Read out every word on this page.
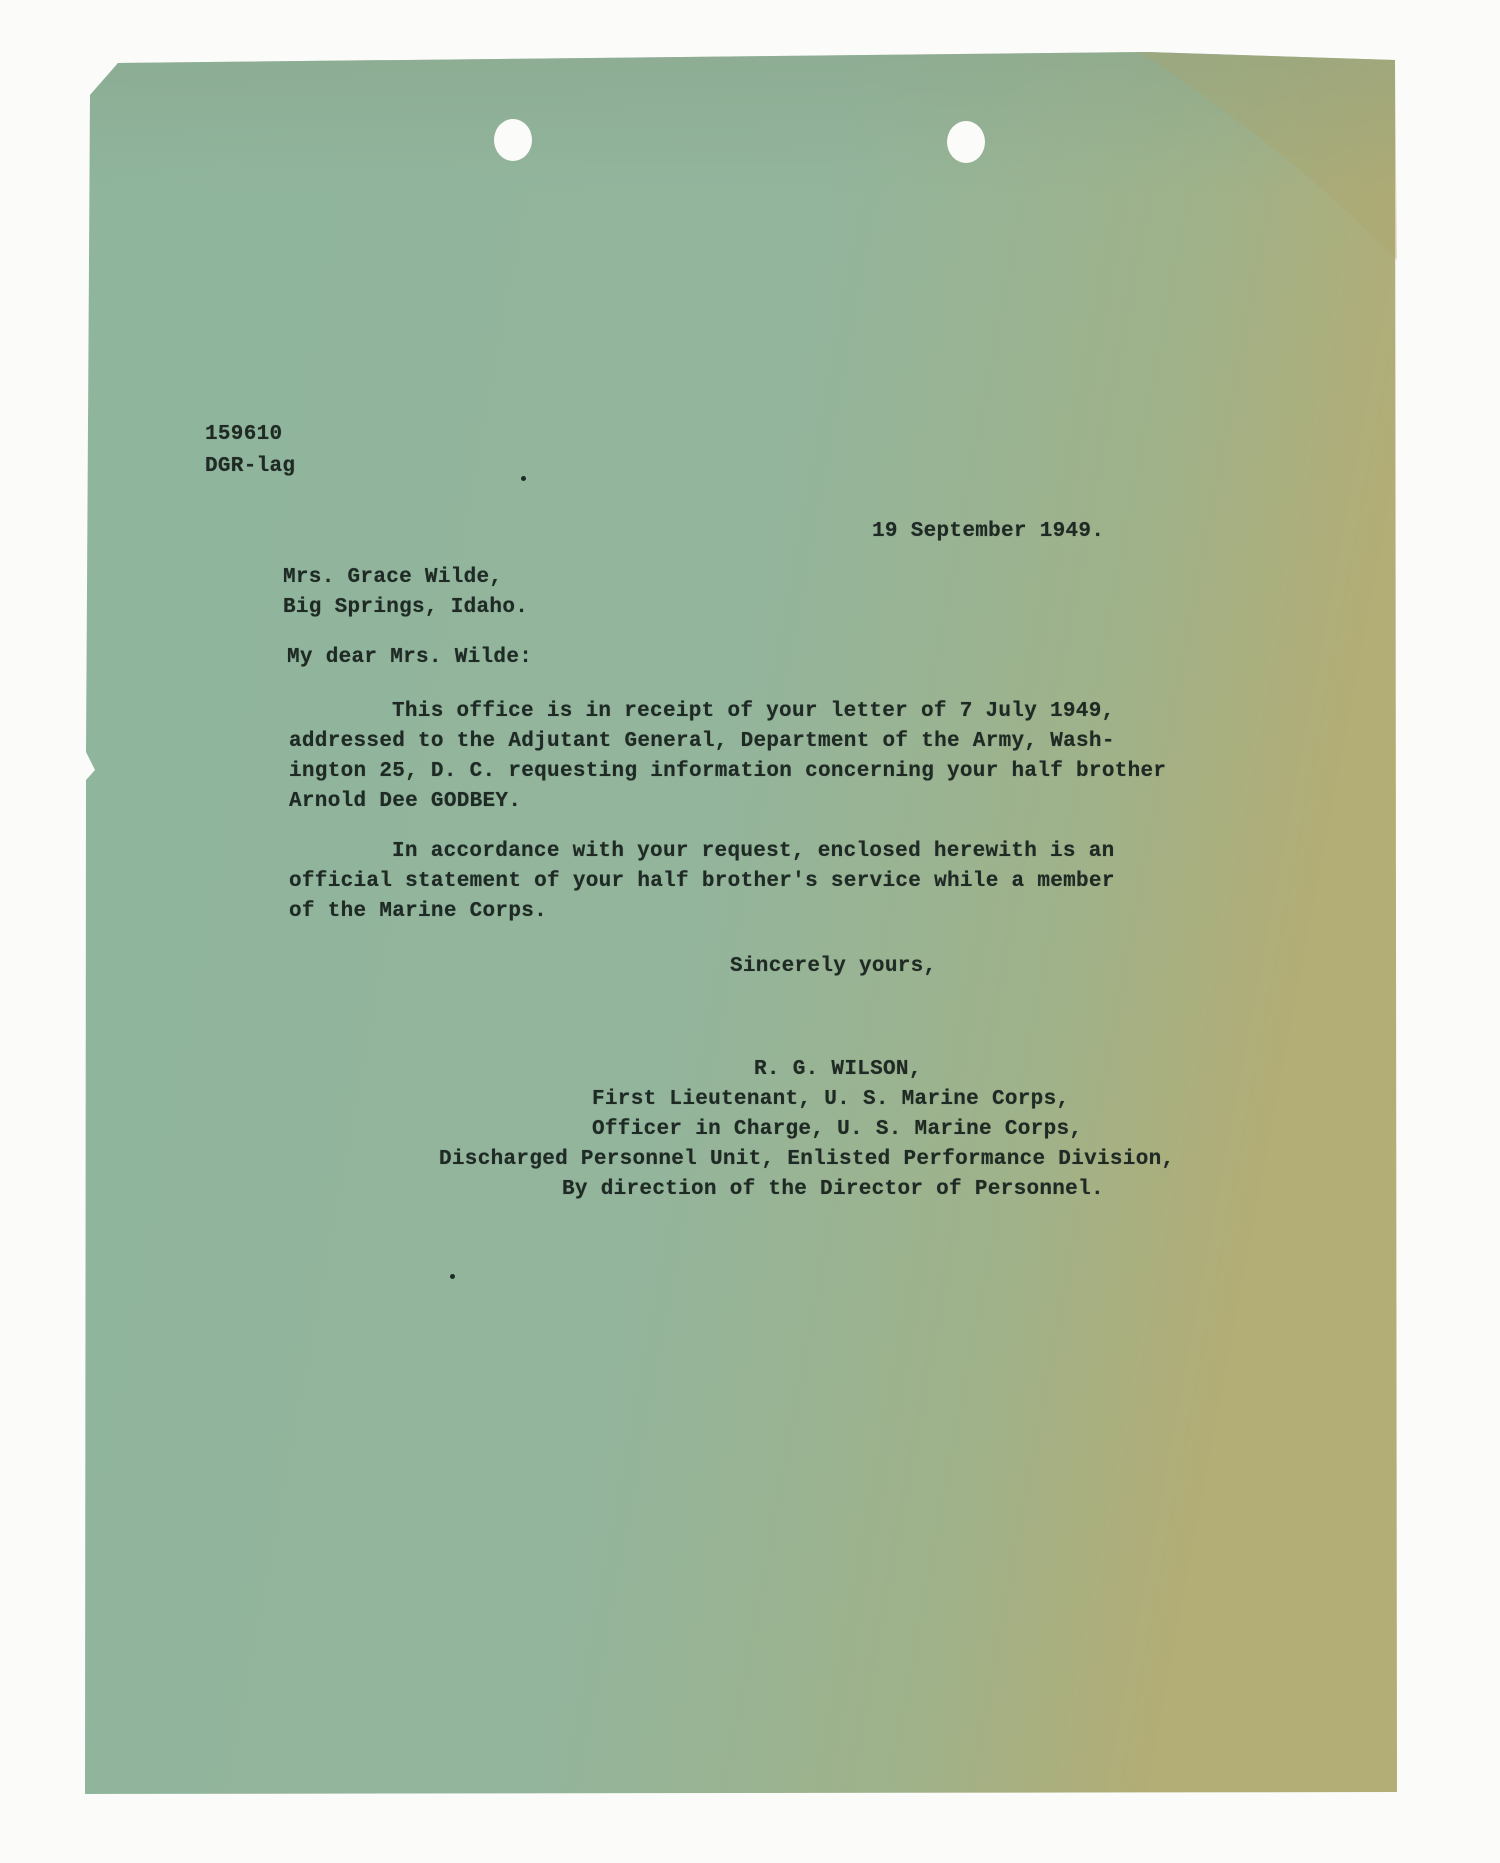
159610
DGR-lag
19 September 1949.
Mrs. Grace Wilde,
Big Springs, Idaho.
My dear Mrs. Wilde:
This office is in receipt of your letter of 7 July 1949,
addressed to the Adjutant General, Department of the Army, Wash-
ington 25, D. C. requesting information concerning your half brother
Arnold Dee GODBEY.
In accordance with your request, enclosed herewith is an
official statement of your half brother's service while a member
of the Marine Corps.
Sincerely yours,
R. G. WILSON,
First Lieutenant, U. S. Marine Corps,
Officer in Charge, U. S. Marine Corps,
Discharged Personnel Unit, Enlisted Performance Division,
By direction of the Director of Personnel.
